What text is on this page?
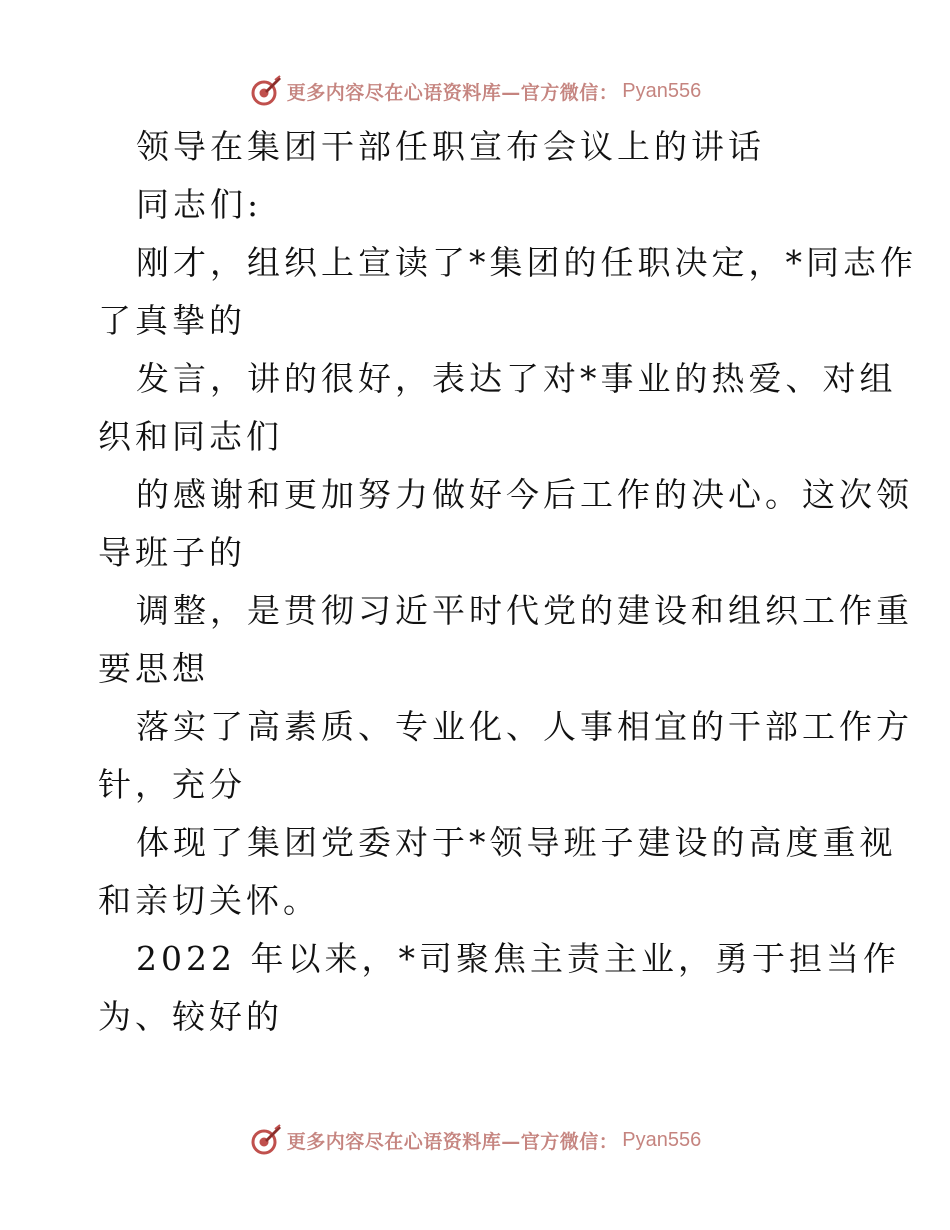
更多内容尽在心语资料库—官方微信： Pyan556
领导在集团干部任职宣布会议上的讲话
同志们:
刚才，组织上宣读了*集团的任职决定，*同志作
了真挚的
发言，讲的很好，表达了对*事业的热爱、对组
织和同志们
的感谢和更加努力做好今后工作的决心。这次领
导班子的
调整，是贯彻习近平时代党的建设和组织工作重
要思想
落实了高素质、专业化、人事相宜的干部工作方
针，充分
体现了集团党委对于*领导班子建设的高度重视
和亲切关怀。
2022 年以来，*司聚焦主责主业，勇于担当作
为、较好的
更多内容尽在心语资料库—官方微信： Pyan556
